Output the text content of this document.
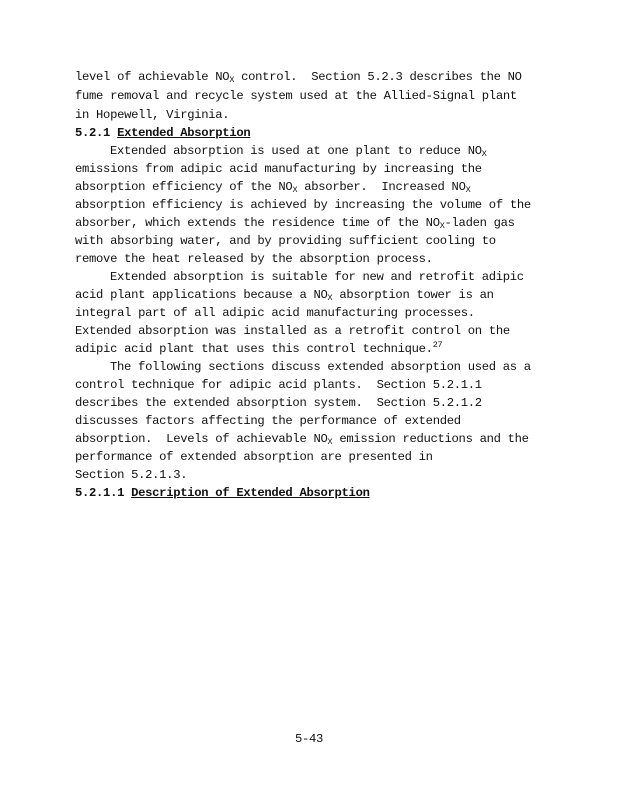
level of achievable $NO_X$ control.  Section 5.2.3 describes the NO
fume removal and recycle system used at the Allied-Signal plant
in Hopewell, Virginia.
5.2.1 Extended Absorption
Extended absorption is used at one plant to reduce $NO_X$
emissions from adipic acid manufacturing by increasing the
absorption efficiency of the $NO_X$ absorber.  Increased $NO_X$
absorption efficiency is achieved by increasing the volume of the
absorber, which extends the residence time of the $NO_X$-laden gas
with absorbing water, and by providing sufficient cooling to
remove the heat released by the absorption process.
Extended absorption is suitable for new and retrofit adipic
acid plant applications because a $NO_X$ absorption tower is an
integral part of all adipic acid manufacturing processes.
Extended absorption was installed as a retrofit control on the
adipic acid plant that uses this control technique.$^{27}$
The following sections discuss extended absorption used as a
control technique for adipic acid plants.  Section 5.2.1.1
describes the extended absorption system.  Section 5.2.1.2
discusses factors affecting the performance of extended
absorption.  Levels of achievable $NO_X$ emission reductions and the
performance of extended absorption are presented in
Section 5.2.1.3.
5.2.1.1 Description of Extended Absorption
5-43
